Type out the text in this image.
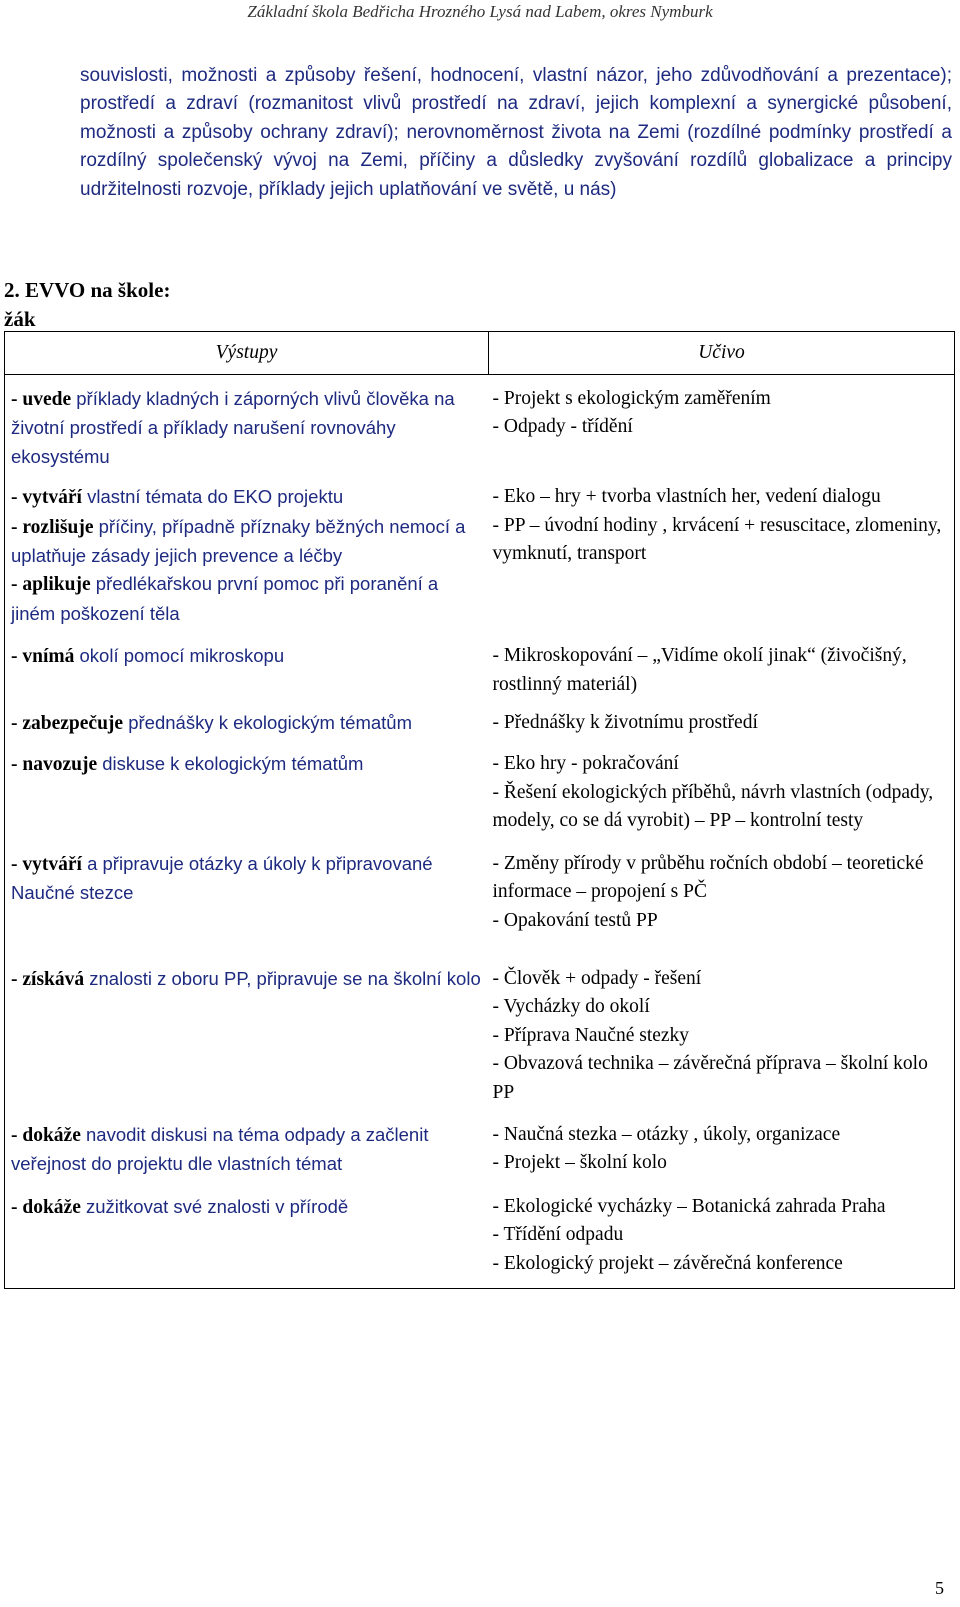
Základní škola Bedřicha Hrozného Lysá nad Labem, okres Nymburk

souvislosti, možnosti a způsoby řešení, hodnocení, vlastní názor, jeho zdůvodňování a prezentace); prostředí a zdraví (rozmanitost vlivů prostředí na zdraví, jejich komplexní a synergické působení, možnosti a způsoby ochrany zdraví); nerovnoměrnost života na Zemi (rozdílné podmínky prostředí a rozdílný společenský vývoj na Zemi, příčiny a důsledky zvyšování rozdílů globalizace a principy udržitelnosti rozvoje, příklady jejich uplatňování ve světě, u nás)

2. EVVO na škole:
žák
Výstupy	Učivo

- uvede příklady kladných i záporných vlivů člověka na životní prostředí a příklady narušení rovnováhy ekosystému	- Projekt s ekologickým zaměřením
- Odpady - třídění

- vytváří vlastní témata do EKO projektu
- rozlišuje příčiny, případně příznaky běžných nemocí a uplatňuje zásady jejich prevence a léčby
- aplikuje předlékařskou první pomoc při poranění a jiném poškození těla	- Eko – hry + tvorba vlastních her, vedení dialogu
- PP – úvodní hodiny , krvácení + resuscitace, zlomeniny, vymknutí, transport

- vnímá okolí pomocí mikroskopu	- Mikroskopování – „Vidíme okolí jinak“ (živočišný, rostlinný materiál)

- zabezpečuje přednášky k ekologickým tématům	- Přednášky k životnímu prostředí

- navozuje diskuse k ekologickým tématům	- Eko hry - pokračování
- Řešení ekologických příběhů, návrh vlastních (odpady, modely, co se dá vyrobit) – PP – kontrolní testy

- vytváří a připravuje otázky a úkoly k připravované Naučné stezce	- Změny přírody v průběhu ročních období – teoretické informace – propojení s PČ
- Opakování testů PP

- získává znalosti z oboru PP, připravuje se na školní kolo	- Člověk + odpady - řešení
- Vycházky do okolí
- Příprava Naučné stezky
- Obvazová technika – závěrečná příprava – školní kolo PP

- dokáže navodit diskusi na téma odpady a začlenit veřejnost do projektu dle vlastních témat	- Naučná stezka – otázky , úkoly, organizace
- Projekt – školní kolo

- dokáže zužitkovat své znalosti v přírodě	- Ekologické vycházky – Botanická zahrada Praha
- Třídění odpadu
- Ekologický projekt – závěrečná konference
5
